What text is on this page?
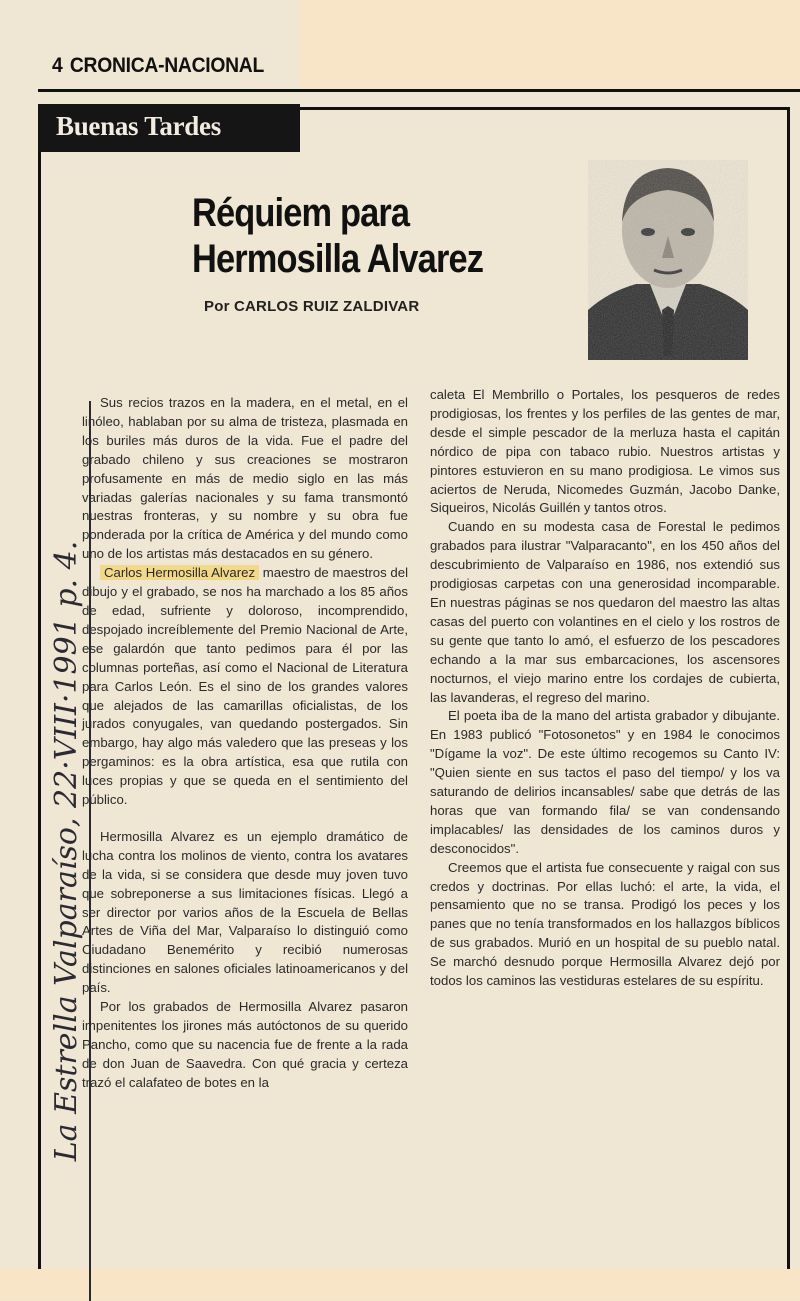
4 CRONICA-NACIONAL
Buenas Tardes
Réquiem para
Hermosilla Alvarez
Por CARLOS RUIZ ZALDIVAR

Sus recios trazos en la madera, en el metal, en el linóleo, hablaban por su alma de tristeza, plasmada en los buriles más duros de la vida. Fue el padre del grabado chileno y sus creaciones se mostraron profusamente en más de medio siglo en las más variadas galerías nacionales y su fama transmontó nuestras fronteras, y su nombre y su obra fue ponderada por la crítica de América y del mundo como uno de los artistas más destacados en su género.

Carlos Hermosilla Alvarez maestro de maestros del dibujo y el grabado, se nos ha marchado a los 85 años de edad, sufriente y doloroso, incomprendido, despojado increíblemente del Premio Nacional de Arte, ese galardón que tanto pedimos para él por las columnas porteñas, así como el Nacional de Literatura para Carlos León. Es el sino de los grandes valores que alejados de las camarillas oficialistas, de los jurados conyugales, van quedando postergados. Sin embargo, hay algo más valedero que las preseas y los pergaminos: es la obra artística, esa que rutila con luces propias y que se queda en el sentimiento del público.

Hermosilla Alvarez es un ejemplo dramático de lucha contra los molinos de viento, contra los avatares de la vida, si se considera que desde muy joven tuvo que sobreponerse a sus limitaciones físicas. Llegó a ser director por varios años de la Escuela de Bellas Artes de Viña del Mar, Valparaíso lo distinguió como Ciudadano Benemérito y recibió numerosas distinciones en salones oficiales latinoamericanos y del país.

Por los grabados de Hermosilla Alvarez pasaron impenitentes los jirones más autóctonos de su querido Pancho, como que su nacencia fue de frente a la rada de don Juan de Saavedra. Con qué gracia y certeza trazó el calafateo de botes en la

caleta El Membrillo o Portales, los pesqueros de redes prodigiosas, los frentes y los perfiles de las gentes de mar, desde el simple pescador de la merluza hasta el capitán nórdico de pipa con tabaco rubio. Nuestros artistas y pintores estuvieron en su mano prodigiosa. Le vimos sus aciertos de Neruda, Nicomedes Guzmán, Jacobo Danke, Siqueiros, Nicolás Guillén y tantos otros.

Cuando en su modesta casa de Forestal le pedimos grabados para ilustrar "Valparacanto", en los 450 años del descubrimiento de Valparaíso en 1986, nos extendió sus prodigiosas carpetas con una generosidad incomparable. En nuestras páginas se nos quedaron del maestro las altas casas del puerto con volantines en el cielo y los rostros de su gente que tanto lo amó, el esfuerzo de los pescadores echando a la mar sus embarcaciones, los ascensores nocturnos, el viejo marino entre los cordajes de cubierta, las lavanderas, el regreso del marino.

El poeta iba de la mano del artista grabador y dibujante. En 1983 publicó "Fotosonetos" y en 1984 le conocimos "Dígame la voz". De este último recogemos su Canto IV: "Quien siente en sus tactos el paso del tiempo/ y los va saturando de delirios incansables/ sabe que detrás de las horas que van formando fila/ se van condensando implacables/ las densidades de los caminos duros y desconocidos".

Creemos que el artista fue consecuente y raigal con sus credos y doctrinas. Por ellas luchó: el arte, la vida, el pensamiento que no se transa. Prodigó los peces y los panes que no tenía transformados en los hallazgos bíblicos de sus grabados. Murió en un hospital de su pueblo natal. Se marchó desnudo porque Hermosilla Alvarez dejó por todos los caminos las vestiduras estelares de su espíritu.

La Estrella Valparaíso, 22·VIII·1991 p. 4.
